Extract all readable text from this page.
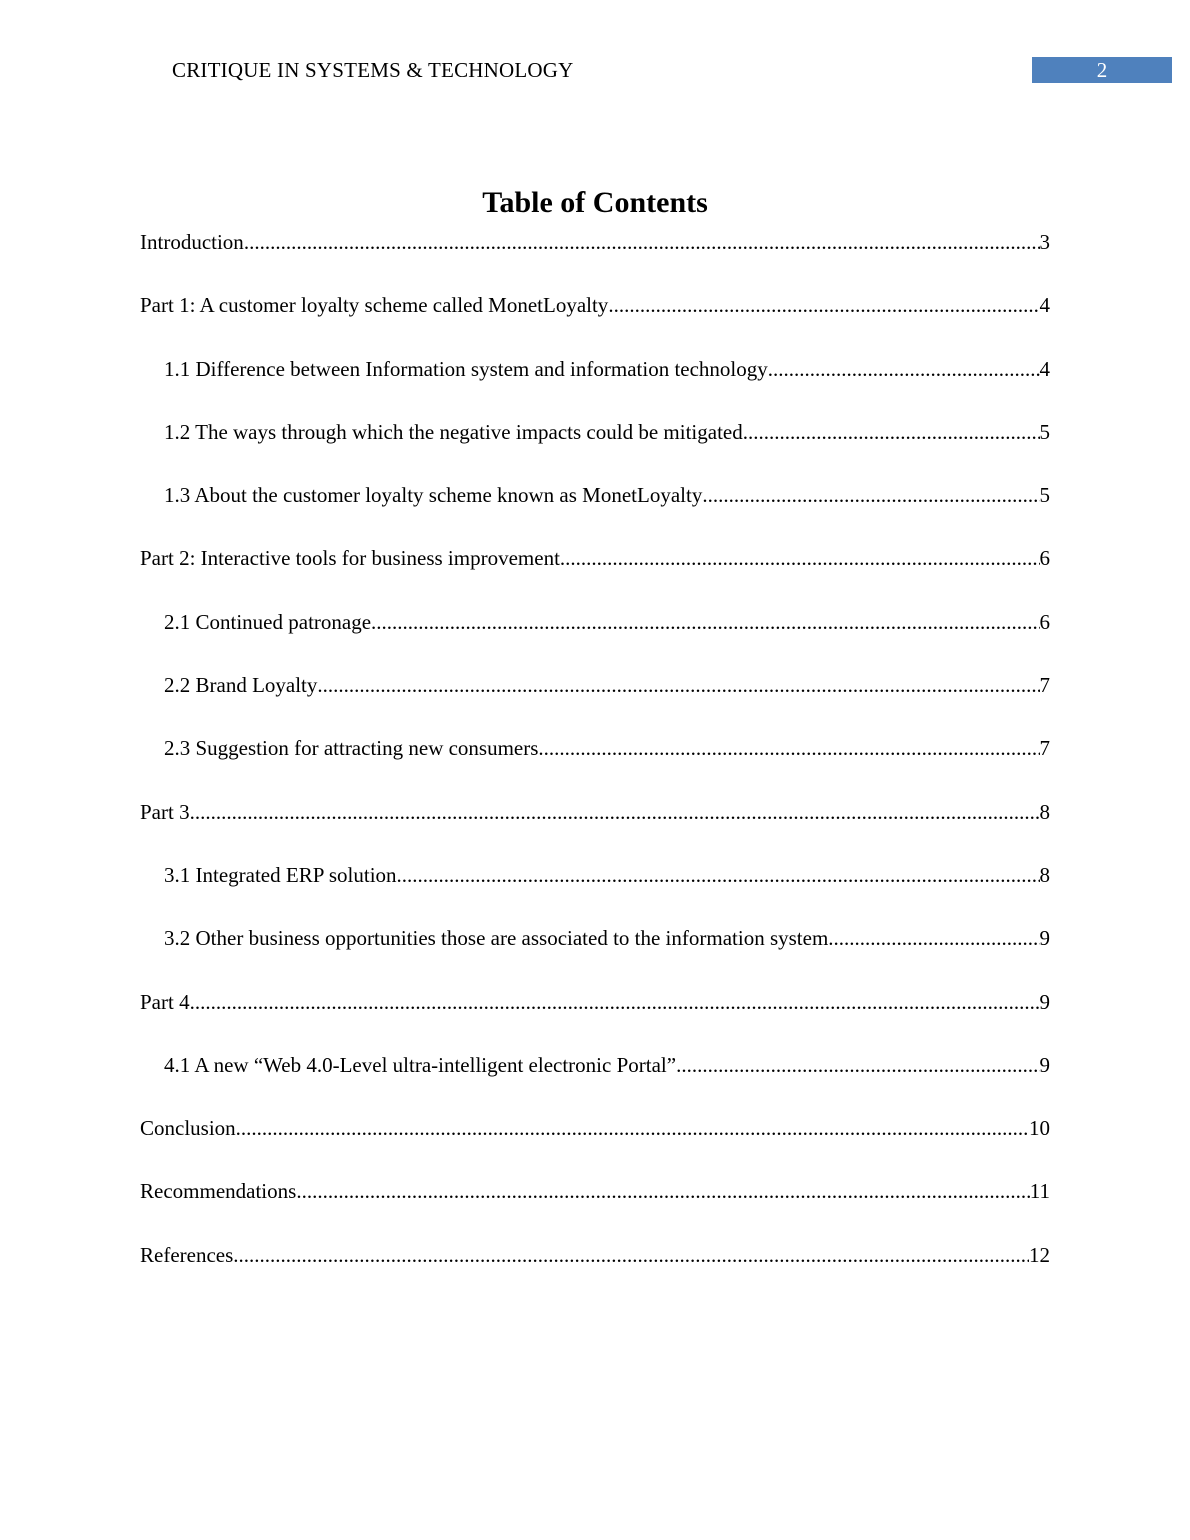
CRITIQUE IN SYSTEMS & TECHNOLOGY	2
Table of Contents
Introduction .....	3
Part 1: A customer loyalty scheme called MonetLoyalty .....	4
1.1 Difference between Information system and information technology .....	4
1.2 The ways through which the negative impacts could be mitigated .....	5
1.3 About the customer loyalty scheme known as MonetLoyalty .....	5
Part 2: Interactive tools for business improvement .....	6
2.1 Continued patronage .....	6
2.2 Brand Loyalty .....	7
2.3 Suggestion for attracting new consumers .....	7
Part 3 .....	8
3.1 Integrated ERP solution .....	8
3.2 Other business opportunities those are associated to the information system .....	9
Part 4 .....	9
4.1 A new “Web 4.0-Level ultra-intelligent electronic Portal” .....	9
Conclusion .....	10
Recommendations .....	11
References .....	12
